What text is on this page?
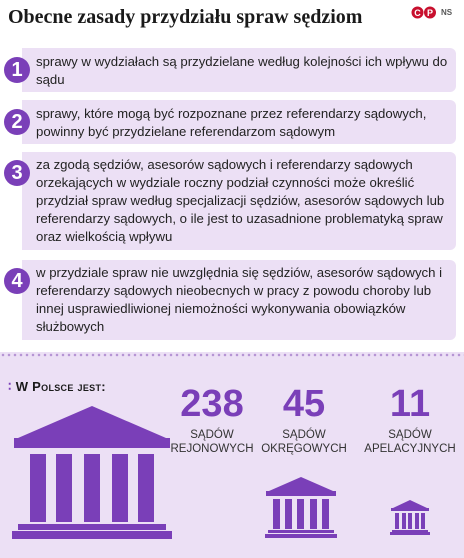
Obecne zasady przydziału spraw sędziom	C P NS
1	sprawy w wydziałach są przydzielane według kolejności ich wpływu do sądu
2	sprawy, które mogą być rozpoznane przez referendarzy sądowych, powinny być przydzielane referendarzom sądowym
3	za zgodą sędziów, asesorów sądowych i referendarzy sądowych orzekających w wydziale roczny podział czynności może określić przydział spraw według specjalizacji sędziów, asesorów sądowych lub referendarzy sądowych, o ile jest to uzasadnione problematyką spraw oraz wielkością wpływu
4	w przydziale spraw nie uwzględnia się sędziów, asesorów sądowych i referendarzy sądowych nieobecnych w pracy z powodu choroby lub innej usprawiedliwionej niemożności wykonywania obowiązków służbowych
∶ W Polsce jest: 238
SĄDÓW
REJONOWYCH
45
SĄDÓW
OKRĘGOWYCH
11
SĄDÓW
APELACYJNYCH
